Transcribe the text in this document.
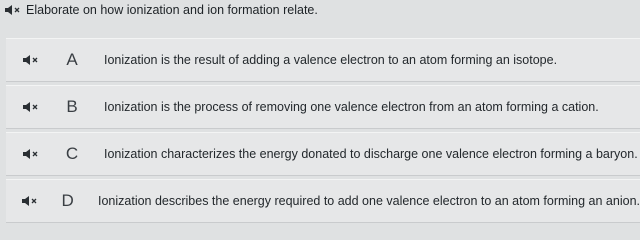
Elaborate on how ionization and ion formation relate.
A	Ionization is the result of adding a valence electron to an atom forming an isotope.
B	Ionization is the process of removing one valence electron from an atom forming a cation.
C	Ionization characterizes the energy donated to discharge one valence electron forming a baryon.
D	Ionization describes the energy required to add one valence electron to an atom forming an anion.
